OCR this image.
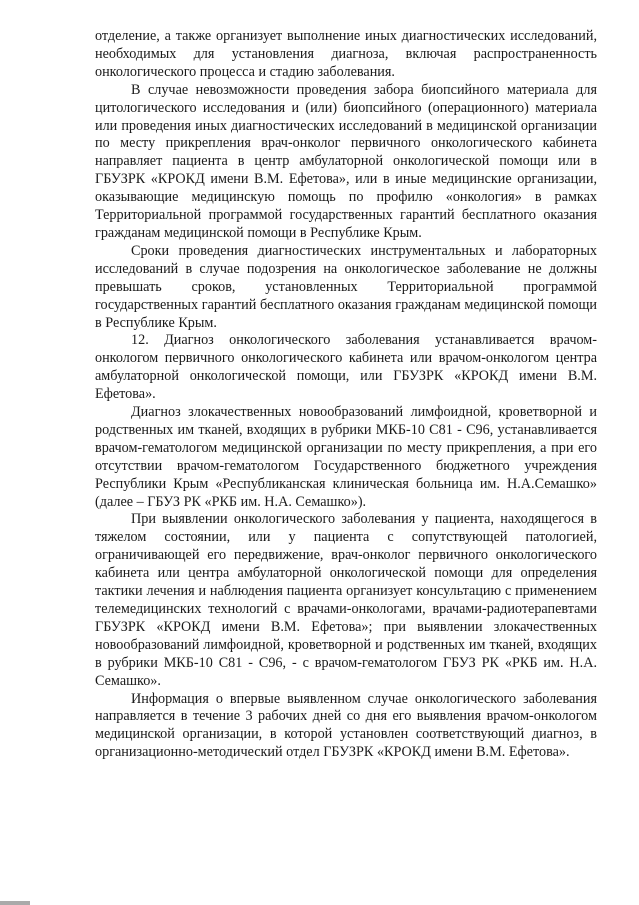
отделение, а также организует выполнение иных диагностических исследований, необходимых для установления диагноза, включая распространенность онкологического процесса и стадию заболевания.

В случае невозможности проведения забора биопсийного материала для цитологического исследования и (или) биопсийного (операционного) материала или проведения иных диагностических исследований в медицинской организации по месту прикрепления врач-онколог первичного онкологического кабинета направляет пациента в центр амбулаторной онкологической помощи или в ГБУЗРК «КРОКД имени В.М. Ефетова», или в иные медицинские организации, оказывающие медицинскую помощь по профилю «онкология» в рамках Территориальной программой государственных гарантий бесплатного оказания гражданам медицинской помощи в Республике Крым.

Сроки проведения диагностических инструментальных и лабораторных исследований в случае подозрения на онкологическое заболевание не должны превышать сроков, установленных Территориальной программой государственных гарантий бесплатного оказания гражданам медицинской помощи в Республике Крым.

12. Диагноз онкологического заболевания устанавливается врачом-онкологом первичного онкологического кабинета или врачом-онкологом центра амбулаторной онкологической помощи, или ГБУЗРК «КРОКД имени В.М. Ефетова».

Диагноз злокачественных новообразований лимфоидной, кроветворной и родственных им тканей, входящих в рубрики МКБ-10 С81 - С96, устанавливается врачом-гематологом медицинской организации по месту прикрепления, а при его отсутствии врачом-гематологом Государственного бюджетного учреждения Республики Крым «Республиканская клиническая больница им. Н.А.Семашко» (далее – ГБУЗ РК «РКБ им. Н.А. Семашко»).

При выявлении онкологического заболевания у пациента, находящегося в тяжелом состоянии, или у пациента с сопутствующей патологией, ограничивающей его передвижение, врач-онколог первичного онкологического кабинета или центра амбулаторной онкологической помощи для определения тактики лечения и наблюдения пациента организует консультацию с применением телемедицинских технологий с врачами-онкологами, врачами-радиотерапевтами ГБУЗРК «КРОКД имени В.М. Ефетова»; при выявлении злокачественных новообразований лимфоидной, кроветворной и родственных им тканей, входящих в рубрики МКБ-10 С81 - С96, - с врачом-гематологом ГБУЗ РК «РКБ им. Н.А. Семашко».

Информация о впервые выявленном случае онкологического заболевания направляется в течение 3 рабочих дней со дня его выявления врачом-онкологом медицинской организации, в которой установлен соответствующий диагноз, в организационно-методический отдел ГБУЗРК «КРОКД имени В.М. Ефетова».
